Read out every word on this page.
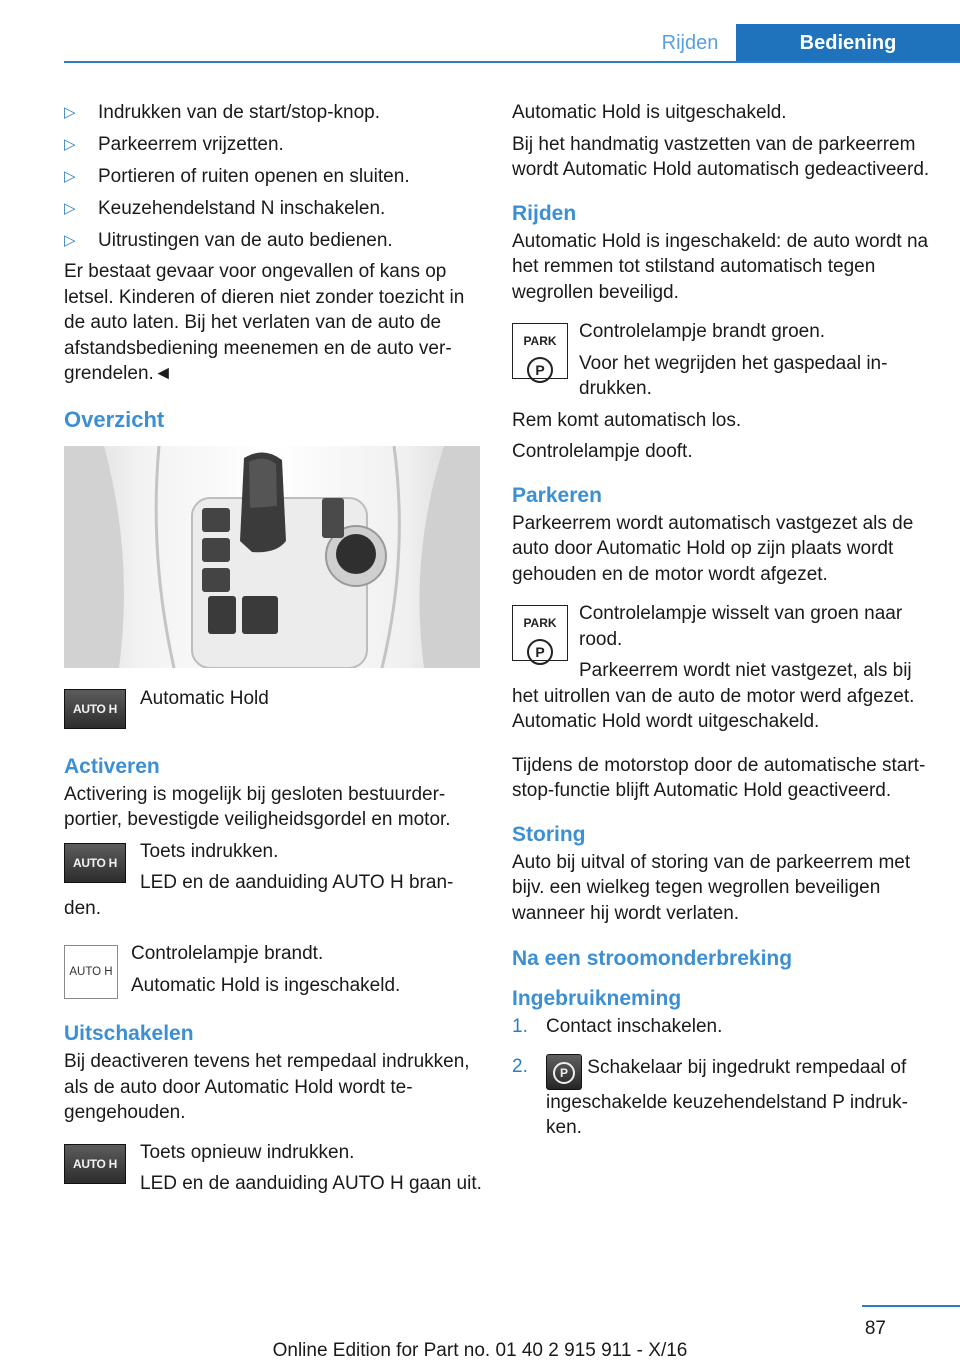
Rijden	Bediening
▷ Indrukken van de start/stop-knop.
▷ Parkeerrem vrijzetten.
▷ Portieren of ruiten openen en sluiten.
▷ Keuzehendelstand N inschakelen.
▷ Uitrustingen van de auto bedienen.

Er bestaat gevaar voor ongevallen of kans op letsel. Kinderen of dieren niet zonder toezicht in de auto laten. Bij het verlaten van de auto de afstandsbediening meenemen en de auto vergrendelen.◄

Overzicht
AUTO H	Automatic Hold
Activeren

Activering is mogelijk bij gesloten bestuurderportier, bevestigde veiligheidsgordel en motor.

AUTO H

Toets indrukken.

LED en de aanduiding AUTO H branden.

AUTO H

Controlelampje brandt.

Automatic Hold is ingeschakeld.

Uitschakelen

Bij deactiveren tevens het rempedaal indrukken, als de auto door Automatic Hold wordt tegengehouden.

AUTO H

Toets opnieuw indrukken.

LED en de aanduiding AUTO H gaan uit.

Automatic Hold is uitgeschakeld.

Bij het handmatig vastzetten van de parkeerrem wordt Automatic Hold automatisch gedeactiveerd.

Rijden

Automatic Hold is ingeschakeld: de auto wordt na het remmen tot stilstand automatisch tegen wegrollen beveiligd.

PARK
P

Controlelampje brandt groen.

Voor het wegrijden het gaspedaal indrukken.

Rem komt automatisch los.

Controlelampje dooft.

Parkeren

Parkeerrem wordt automatisch vastgezet als de auto door Automatic Hold op zijn plaats wordt gehouden en de motor wordt afgezet.

PARK
P

Controlelampje wisselt van groen naar rood.

Parkeerrem wordt niet vastgezet, als bij het uitrollen van de auto de motor werd afgezet. Automatic Hold wordt uitgeschakeld.

Tijdens de motorstop door de automatische start-stop-functie blijft Automatic Hold geactiveerd.

Storing

Auto bij uitval of storing van de parkeerrem met bijv. een wielkeg tegen wegrollen beveiligen wanneer hij wordt verlaten.

Na een stroomonderbreking
Ingebruikneming
1. Contact inschakelen.
2.	P	Schakelaar bij ingedrukt rempedaal of ingeschakelde keuzehendelstand P indrukken.
87
Online Edition for Part no. 01 40 2 915 911 - X/16
